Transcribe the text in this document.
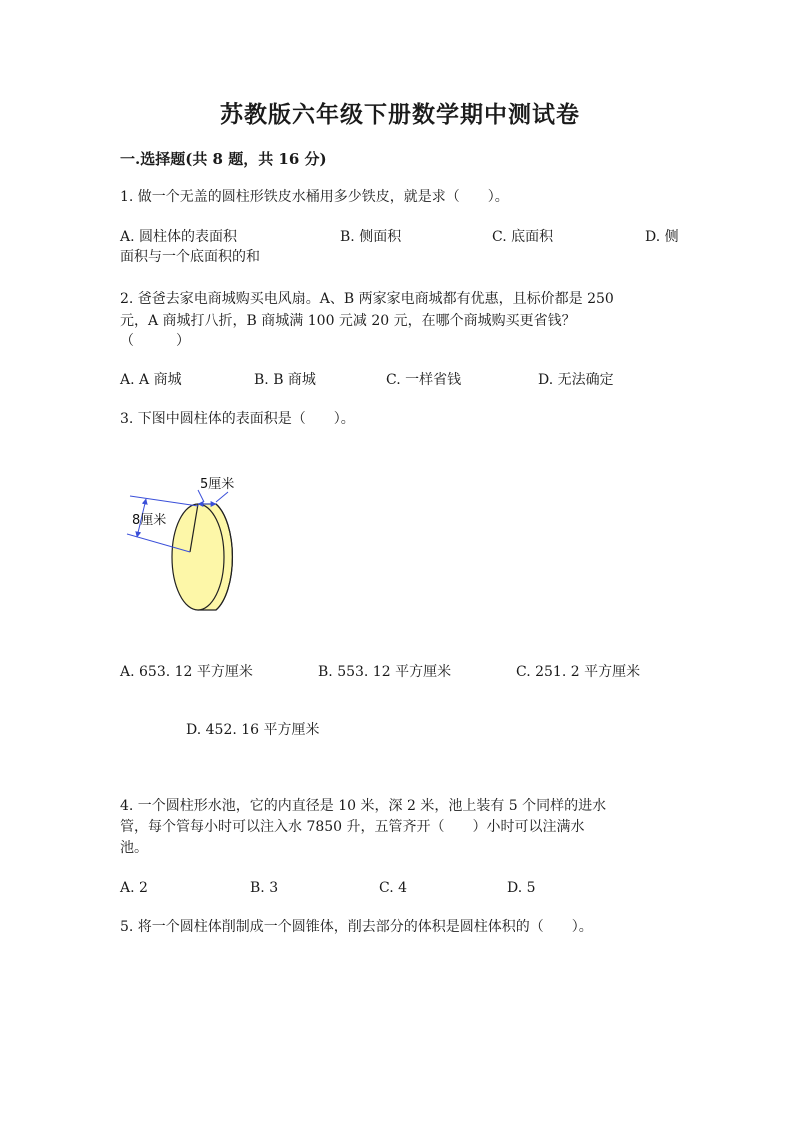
苏教版六年级下册数学期中测试卷
一.选择题(共 8 题，共 16 分)
1. 做一个无盖的圆柱形铁皮水桶用多少铁皮，就是求（　　）。
A. 圆柱体的表面积	B. 侧面积	C. 底面积	D. 侧
面积与一个底面积的和
2. 爸爸去家电商城购买电风扇。A、B 两家家电商城都有优惠，且标价都是 250
元，A 商城打八折，B 商城满 100 元减 20 元，在哪个商城购买更省钱？
（　　　）
A. A 商城	B. B 商城	C. 一样省钱	D. 无法确定
3. 下图中圆柱体的表面积是（　　）。
5厘米
8厘米
A. 653. 12 平方厘米	B. 553. 12 平方厘米	C. 251. 2 平方厘米
D. 452. 16 平方厘米
4. 一个圆柱形水池，它的内直径是 10 米，深 2 米，池上装有 5 个同样的进水
管，每个管每小时可以注入水 7850 升，五管齐开（　　）小时可以注满水
池。
A. 2	B. 3	C. 4	D. 5
5. 将一个圆柱体削制成一个圆锥体，削去部分的体积是圆柱体积的（　　）。
